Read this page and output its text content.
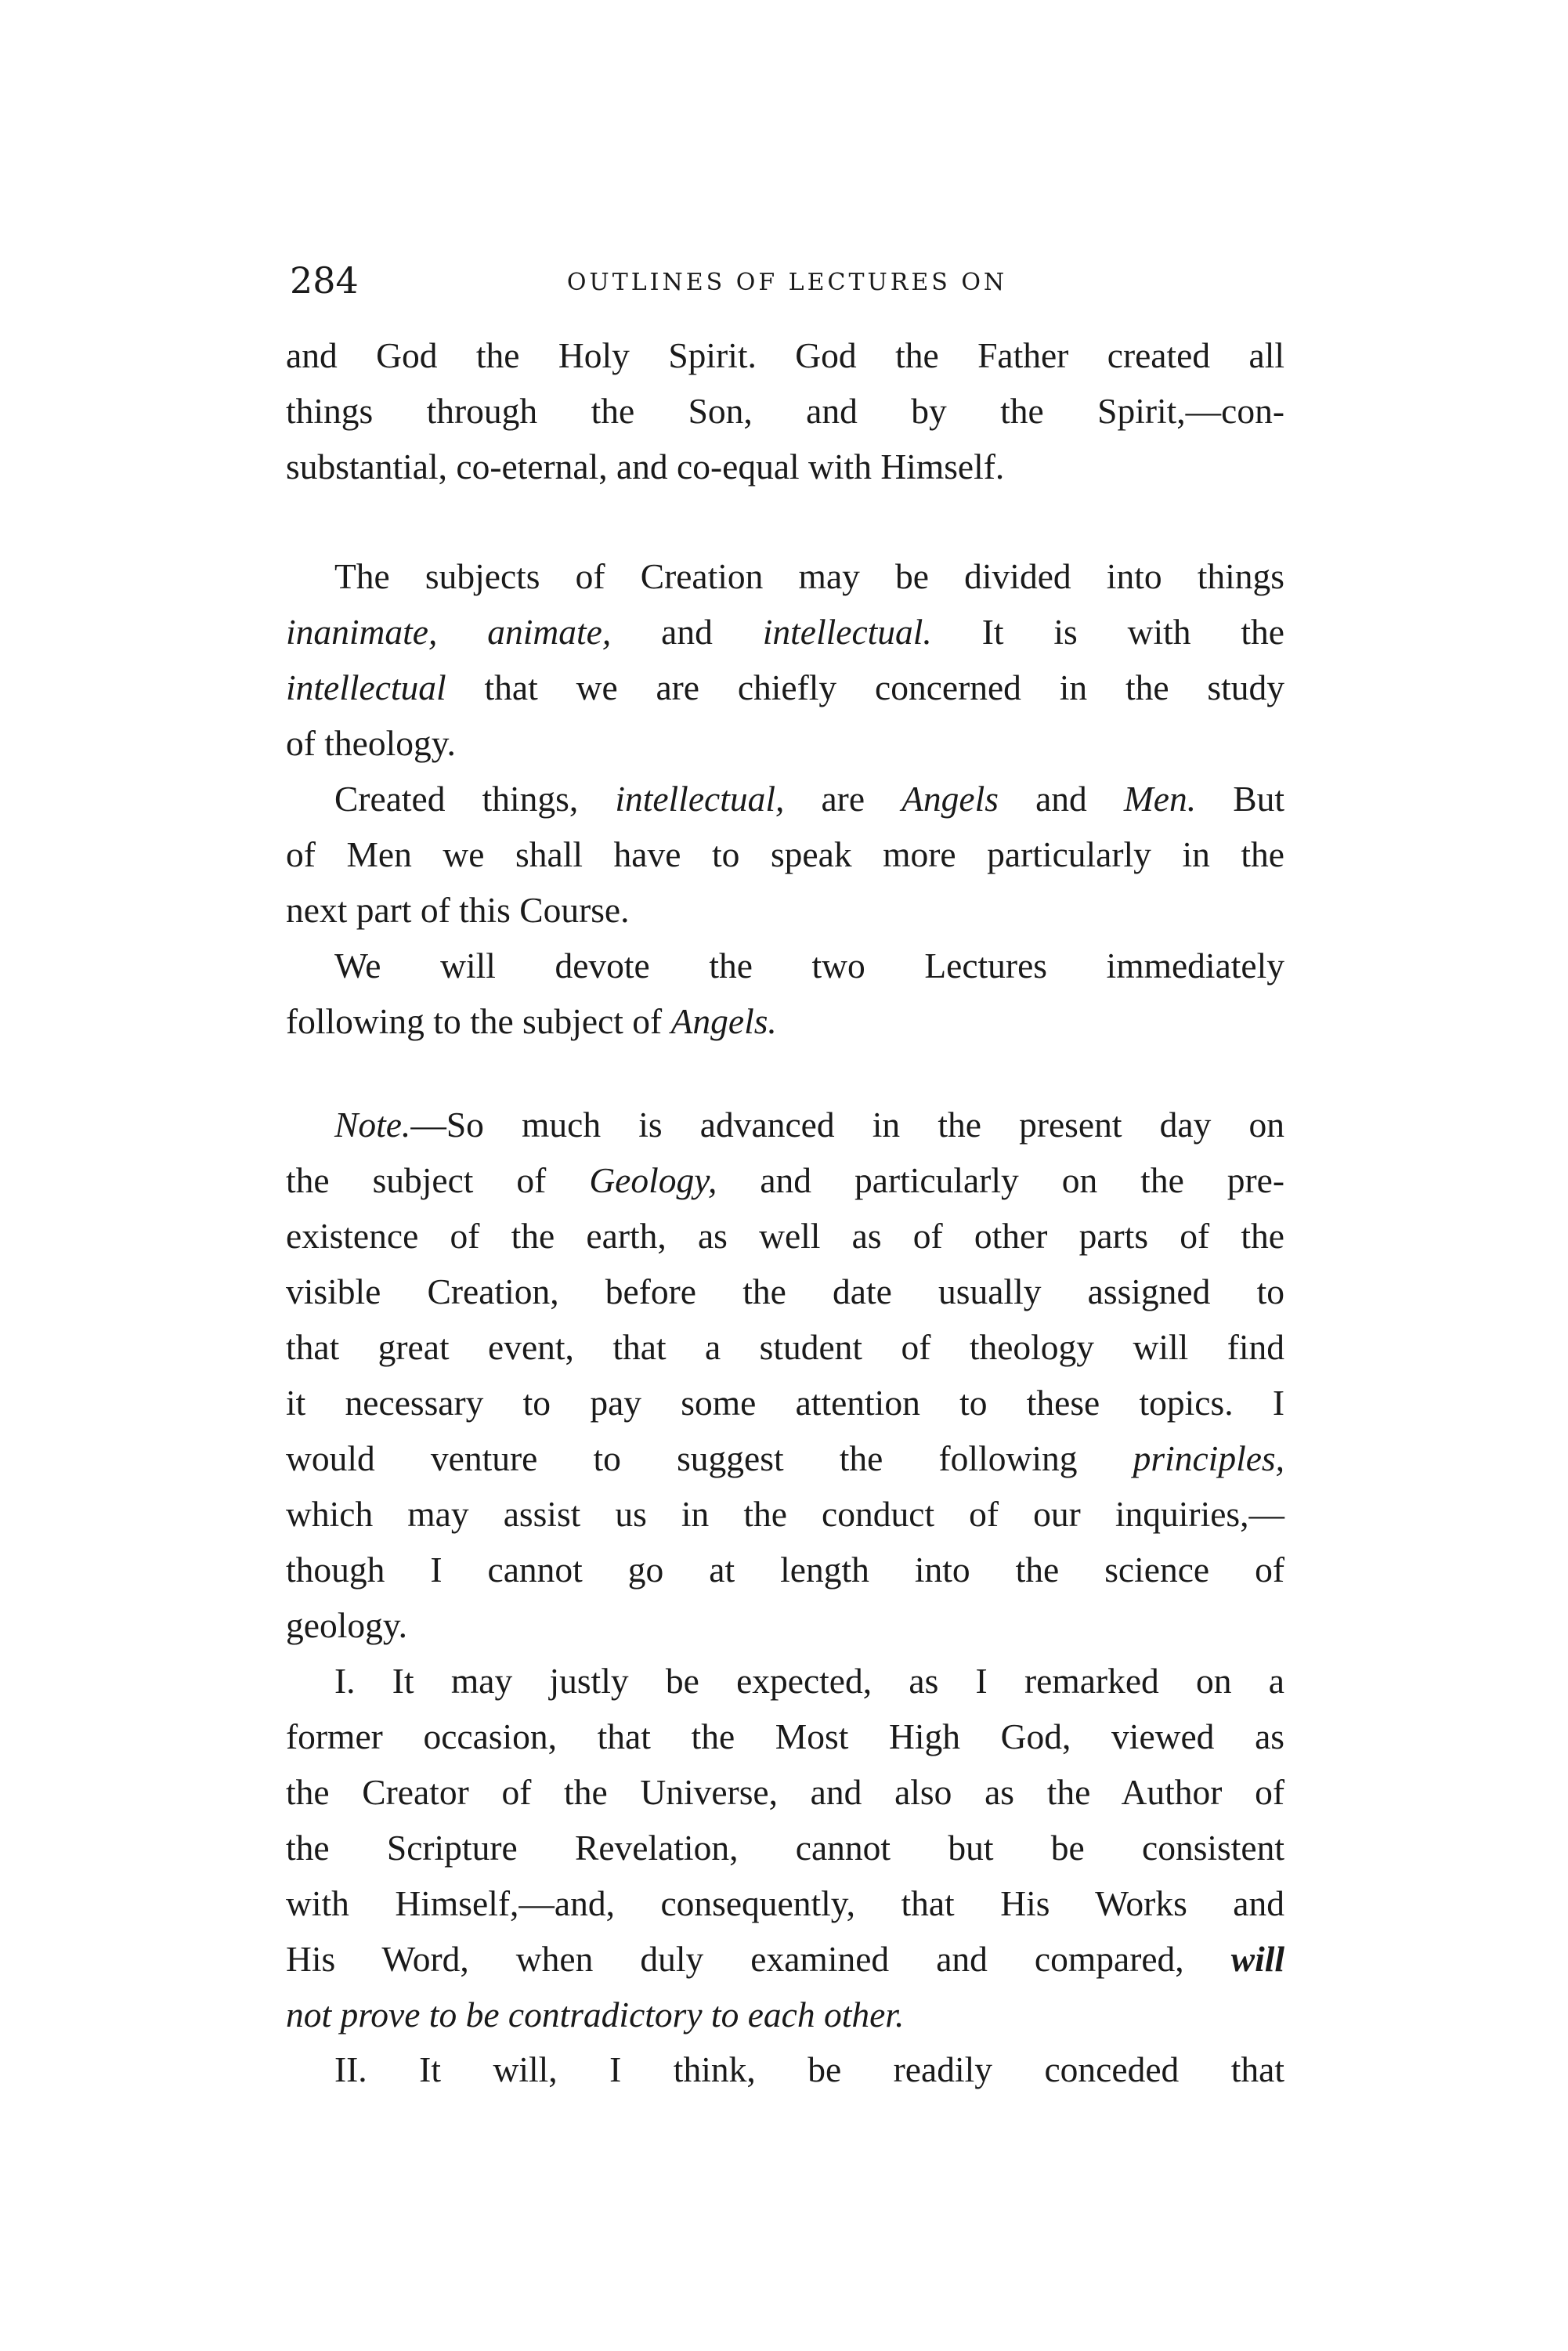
284	OUTLINES OF LECTURES ON
and God the Holy Spirit. God the Father created all
things through the Son, and by the Spirit,—con-
substantial, co-eternal, and co-equal with Himself.
The subjects of Creation may be divided into things
inanimate, animate, and intellectual. It is with the
intellectual that we are chiefly concerned in the study
of theology.
Created things, intellectual, are Angels and Men. But
of Men we shall have to speak more particularly in the
next part of this Course.
We will devote the two Lectures immediately
following to the subject of Angels.
Note.—So much is advanced in the present day on
the subject of Geology, and particularly on the pre-
existence of the earth, as well as of other parts of the
visible Creation, before the date usually assigned to
that great event, that a student of theology will find
it necessary to pay some attention to these topics. I
would venture to suggest the following principles,
which may assist us in the conduct of our inquiries,—
though I cannot go at length into the science of
geology.
I. It may justly be expected, as I remarked on a
former occasion, that the Most High God, viewed as
the Creator of the Universe, and also as the Author of
the Scripture Revelation, cannot but be consistent
with Himself,—and, consequently, that His Works and
His Word, when duly examined and compared, will
not prove to be contradictory to each other.
II. It will, I think, be readily conceded that
